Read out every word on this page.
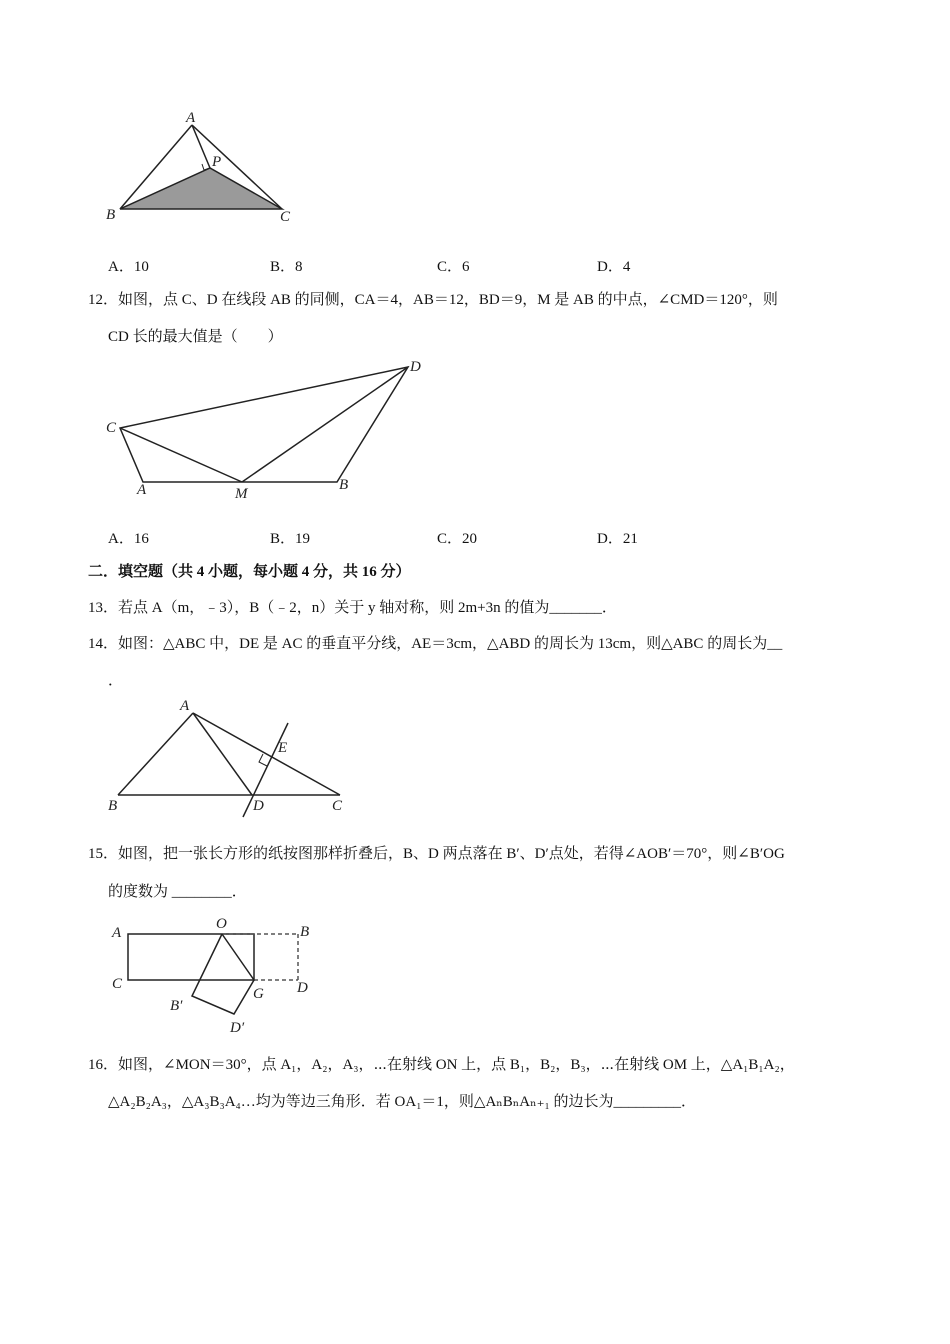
A
P
B	C
A．10	B．8	C．6	D．4
12．如图，点 C、D 在线段 AB 的同侧，CA＝4，AB＝12，BD＝9，M 是 AB 的中点，∠CMD＝120°，则
CD 长的最大值是（　　）
D
C
A	M
B
A．16	B．19	C．20	D．21
二．填空题（共 4 小题，每小题 4 分，共 16 分）
13．若点 A（m，﹣3），B（﹣2，n）关于 y 轴对称，则 2m+3n 的值为_______．
14．如图：△ABC 中，DE 是 AC 的垂直平分线，AE＝3cm，△ABD 的周长为 13cm，则△ABC 的周长为__
．
A
E
B	D	C
15．如图，把一张长方形的纸按图那样折叠后，B、D 两点落在 B′、D′点处，若得∠AOB′＝70°，则∠B′OG
的度数为 ________．
A
O	B
C
G D
B′
D′
16．如图，∠MON＝30°，点 A₁，A₂，A₃，⋯在射线 ON 上，点 B₁，B₂，B₃，⋯在射线 OM 上，△A₁B₁A₂，
△A₂B₂A₃，△A₃B₃A₄…均为等边三角形．若 OA₁＝1，则△AₙBₙAₙ₊₁ 的边长为_________．
